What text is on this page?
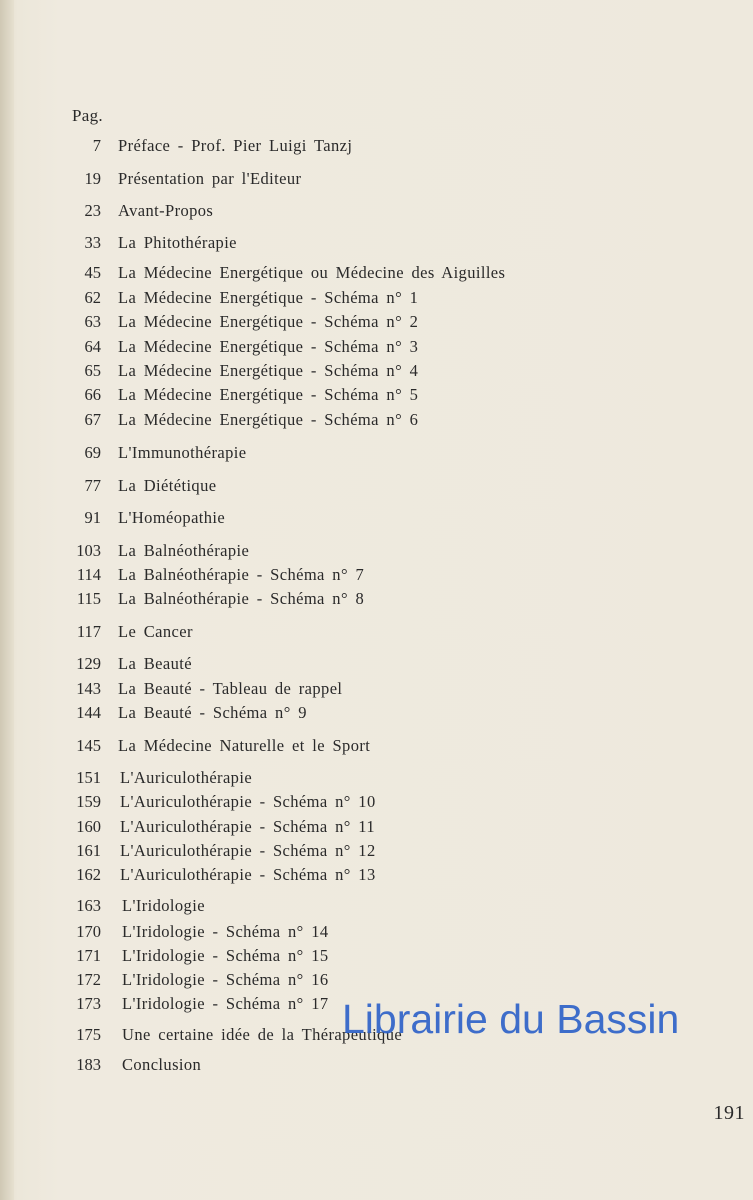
Pag.
7 Préface - Prof. Pier Luigi Tanzj
19 Présentation par l'Editeur
23 Avant-Propos
33 La Phitothérapie
45 La Médecine Energétique ou Médecine des Aiguilles
62 La Médecine Energétique - Schéma n° 1
63 La Médecine Energétique - Schéma n° 2
64 La Médecine Energétique - Schéma n° 3
65 La Médecine Energétique - Schéma n° 4
66 La Médecine Energétique - Schéma n° 5
67 La Médecine Energétique - Schéma n° 6
69 L'Immunothérapie
77 La Diététique
91 L'Homéopathie
103 La Balnéothérapie
114 La Balnéothérapie - Schéma n° 7
115 La Balnéothérapie - Schéma n° 8
117 Le Cancer
129 La Beauté
143 La Beauté - Tableau de rappel
144 La Beauté - Schéma n° 9
145 La Médecine Naturelle et le Sport
151 L'Auriculothérapie
159 L'Auriculothérapie - Schéma n° 10
160 L'Auriculothérapie - Schéma n° 11
161 L'Auriculothérapie - Schéma n° 12
162 L'Auriculothérapie - Schéma n° 13
163 L'Iridologie
170 L'Iridologie - Schéma n° 14
171 L'Iridologie - Schéma n° 15
172 L'Iridologie - Schéma n° 16
173 L'Iridologie - Schéma n° 17
175 Une certaine idée de la Thérapeutique
183 Conclusion
191
Librairie du Bassin
